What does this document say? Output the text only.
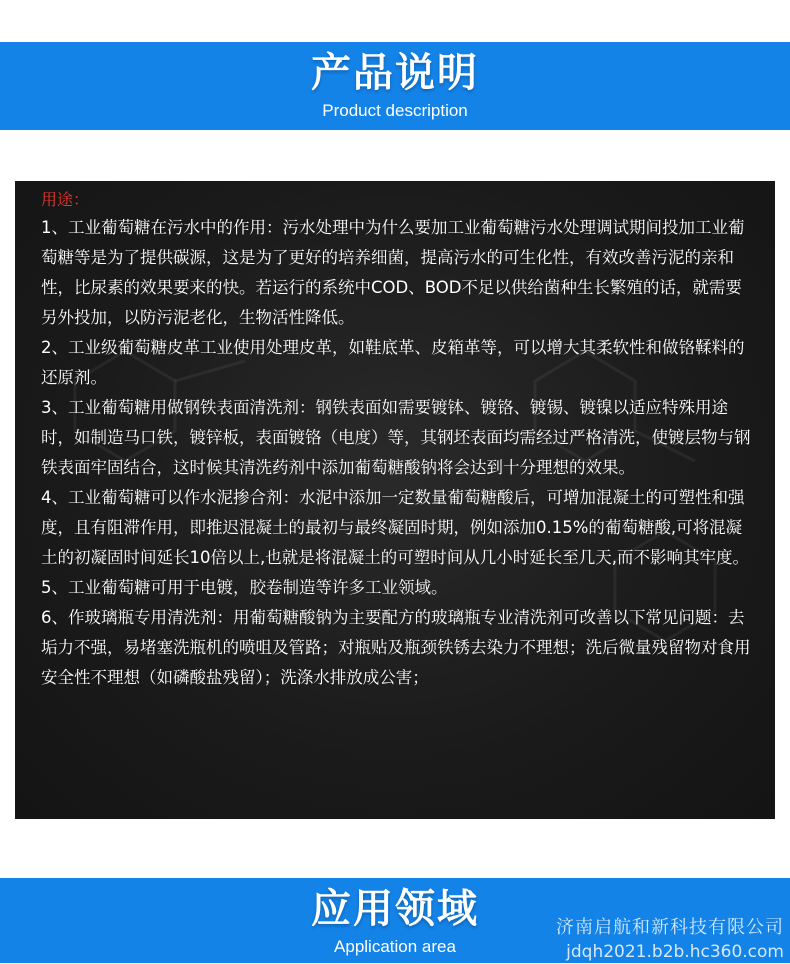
产品说明
Product description
用途：

1、工业葡萄糖在污水中的作用：污水处理中为什么要加工业葡萄糖污水处理调试期间投加工业葡萄糖等是为了提供碳源，这是为了更好的培养细菌，提高污水的可生化性，有效改善污泥的亲和性，比尿素的效果要来的快。若运行的系统中COD、BOD不足以供给菌种生长繁殖的话，就需要另外投加，以防污泥老化，生物活性降低。

2、工业级葡萄糖皮革工业使用处理皮革，如鞋底革、皮箱革等，可以增大其柔软性和做铬鞣料的还原剂。

3、工业葡萄糖用做钢铁表面清洗剂：钢铁表面如需要镀钵、镀铬、镀锡、镀镍以适应特殊用途时，如制造马口铁，镀锌板，表面镀铬（电度）等，其钢坯表面均需经过严格清洗，使镀层物与钢铁表面牢固结合，这时候其清洗药剂中添加葡萄糖酸钠将会达到十分理想的效果。

4、工业葡萄糖可以作水泥掺合剂：水泥中添加一定数量葡萄糖酸后，可增加混凝土的可塑性和强度，且有阻滞作用，即推迟混凝土的最初与最终凝固时期，例如添加0.15%的葡萄糖酸,可将混凝土的初凝固时间延长10倍以上,也就是将混凝土的可塑时间从几小时延长至几天,而不影响其牢度。

5、工业葡萄糖可用于电镀，胶卷制造等许多工业领域。

6、作玻璃瓶专用清洗剂：用葡萄糖酸钠为主要配方的玻璃瓶专业清洗剂可改善以下常见问题：去垢力不强，易堵塞洗瓶机的喷咀及管路；对瓶贴及瓶颈铁锈去染力不理想；洗后微量残留物对食用安全性不理想（如磷酸盐残留）；洗涤水排放成公害；

应用领域
Application area
济南启航和新科技有限公司
jdqh2021.b2b.hc360.com
